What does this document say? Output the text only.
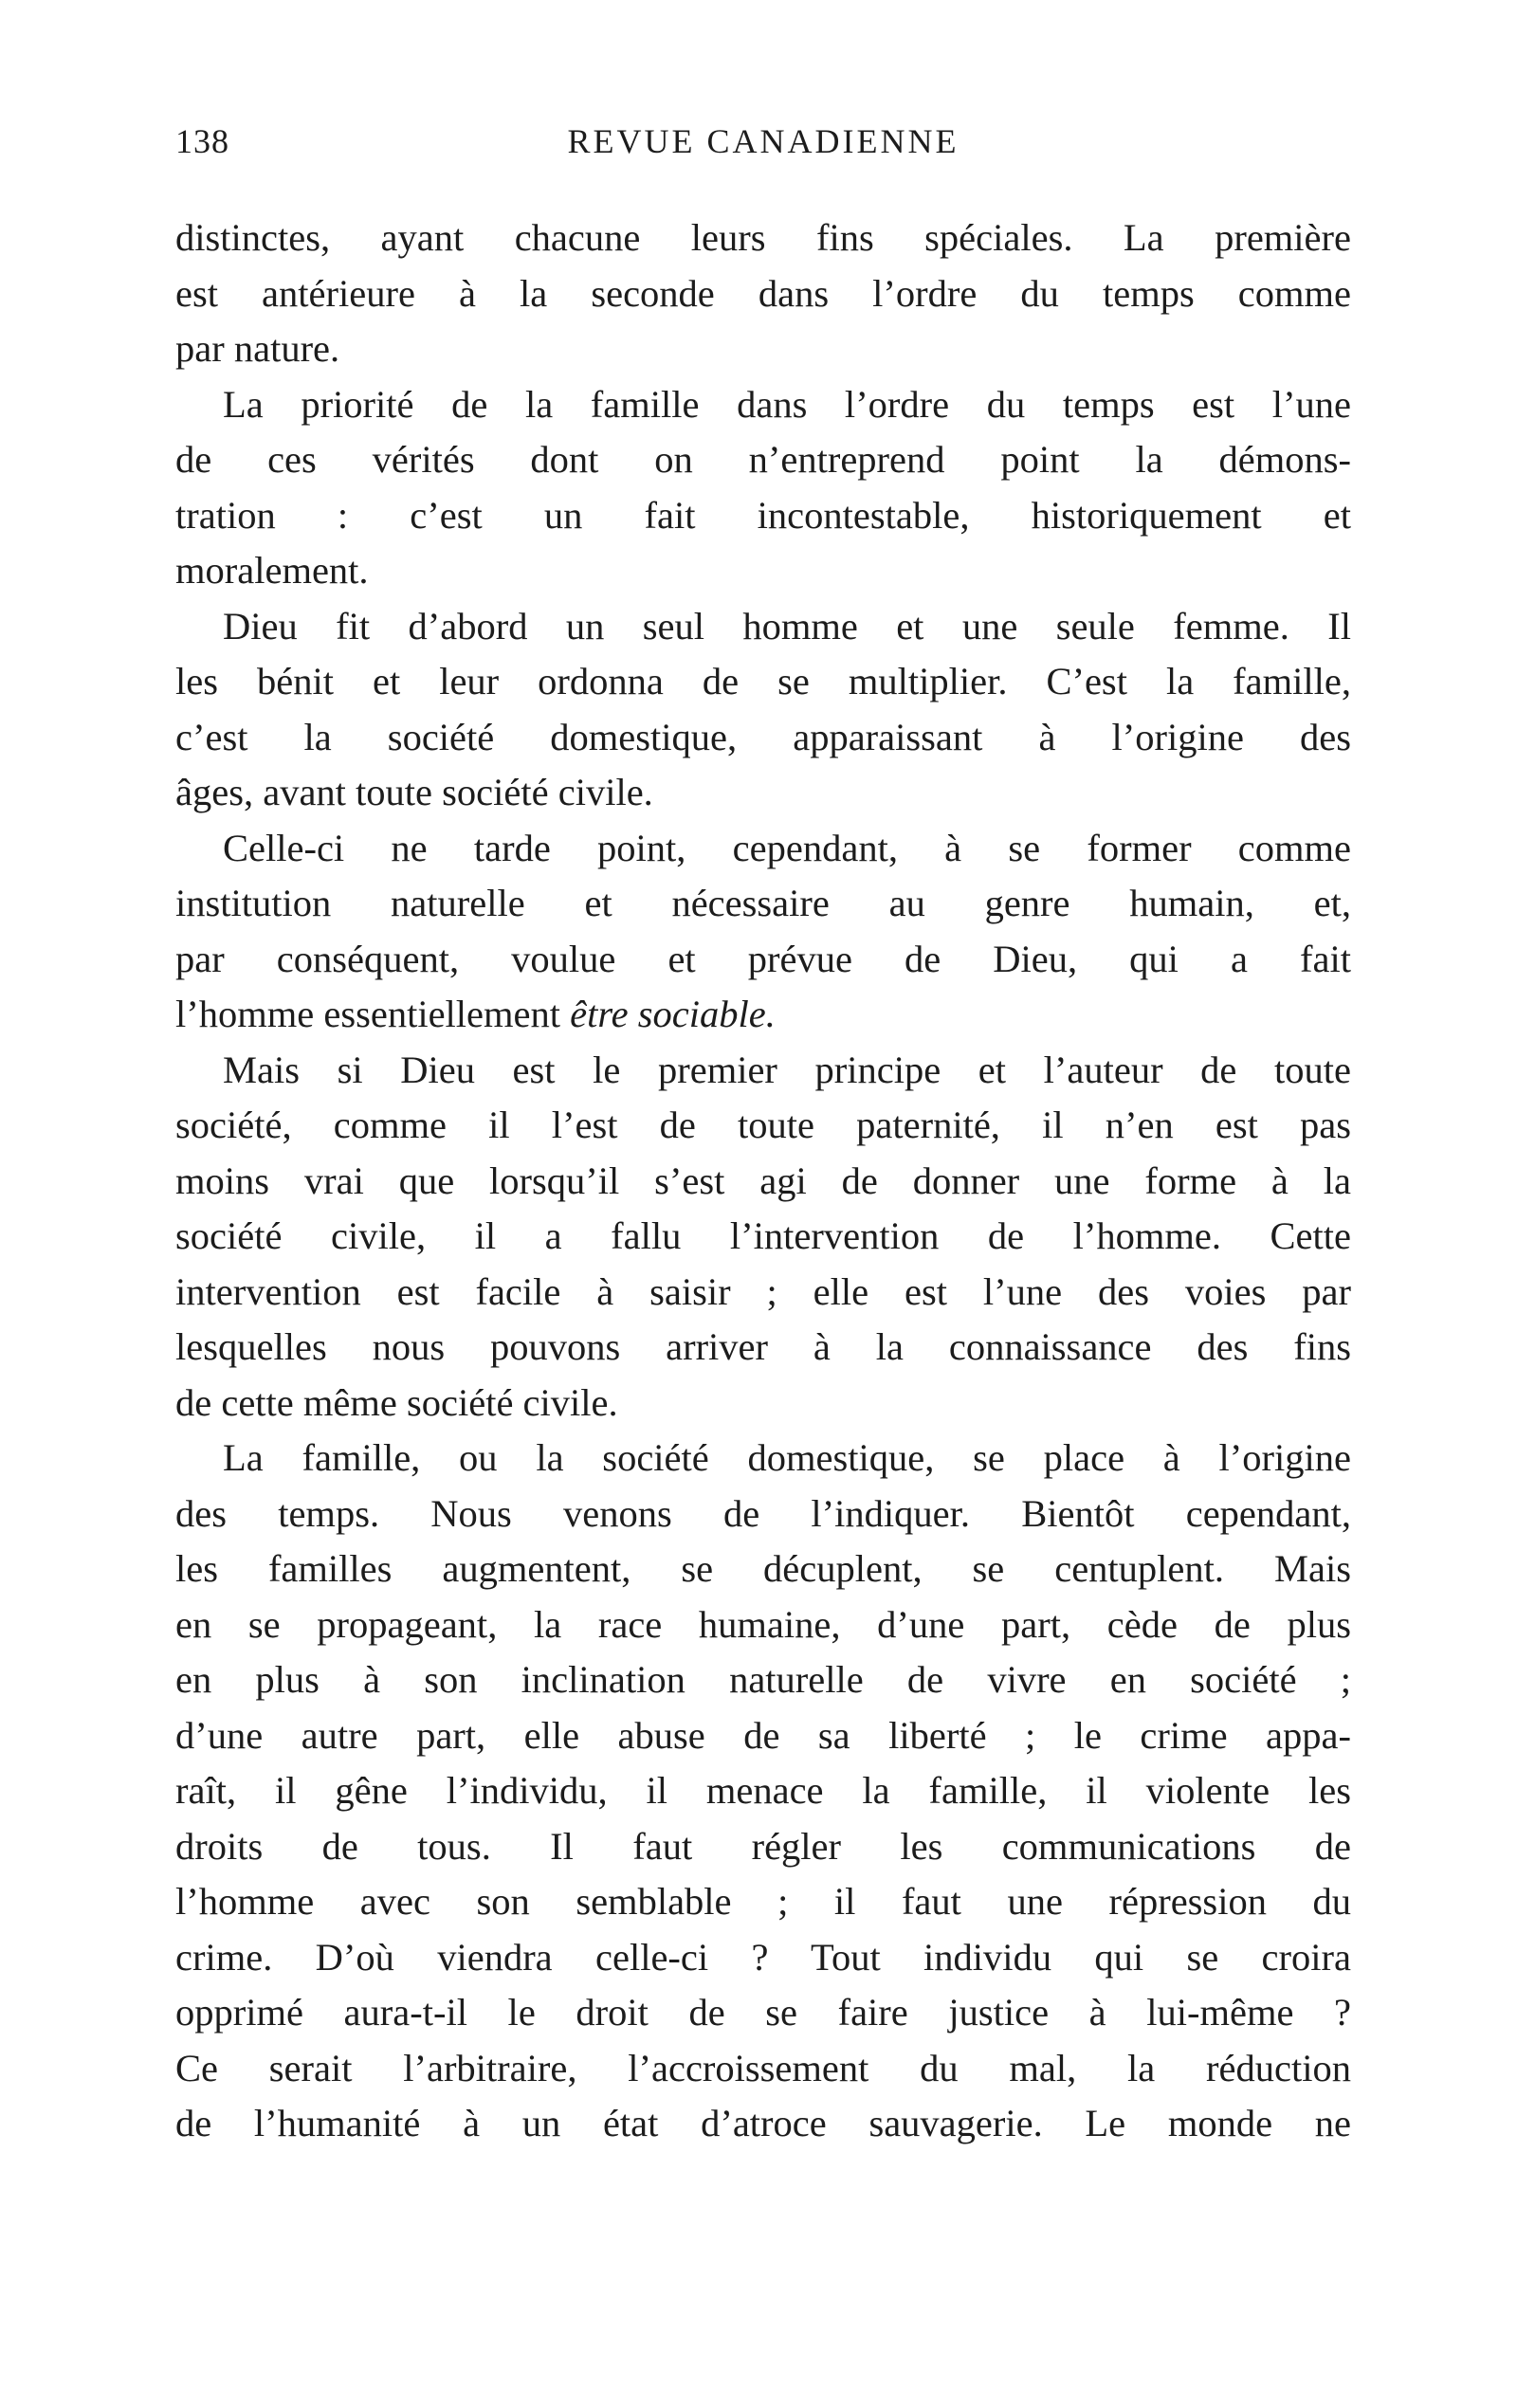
138	REVUE CANADIENNE
distinctes, ayant chacune leurs fins spéciales. La première
est antérieure à la seconde dans l’ordre du temps comme
par nature.
La priorité de la famille dans l’ordre du temps est l’une
de ces vérités dont on n’entreprend point la démons-
tration : c’est un fait incontestable, historiquement et
moralement.
Dieu fit d’abord un seul homme et une seule femme. Il
les bénit et leur ordonna de se multiplier. C’est la famille,
c’est la société domestique, apparaissant à l’origine des
âges, avant toute société civile.
Celle-ci ne tarde point, cependant, à se former comme
institution naturelle et nécessaire au genre humain, et,
par conséquent, voulue et prévue de Dieu, qui a fait
l’homme essentiellement être sociable.
Mais si Dieu est le premier principe et l’auteur de toute
société, comme il l’est de toute paternité, il n’en est pas
moins vrai que lorsqu’il s’est agi de donner une forme à la
société civile, il a fallu l’intervention de l’homme. Cette
intervention est facile à saisir ; elle est l’une des voies par
lesquelles nous pouvons arriver à la connaissance des fins
de cette même société civile.
La famille, ou la société domestique, se place à l’origine
des temps. Nous venons de l’indiquer. Bientôt cependant,
les familles augmentent, se décuplent, se centuplent. Mais
en se propageant, la race humaine, d’une part, cède de plus
en plus à son inclination naturelle de vivre en société ;
d’une autre part, elle abuse de sa liberté ; le crime appa-
raît, il gêne l’individu, il menace la famille, il violente les
droits de tous. Il faut régler les communications de
l’homme avec son semblable ; il faut une répression du
crime. D’où viendra celle-ci ? Tout individu qui se croira
opprimé aura-t-il le droit de se faire justice à lui-même ?
Ce serait l’arbitraire, l’accroissement du mal, la réduction
de l’humanité à un état d’atroce sauvagerie. Le monde ne
